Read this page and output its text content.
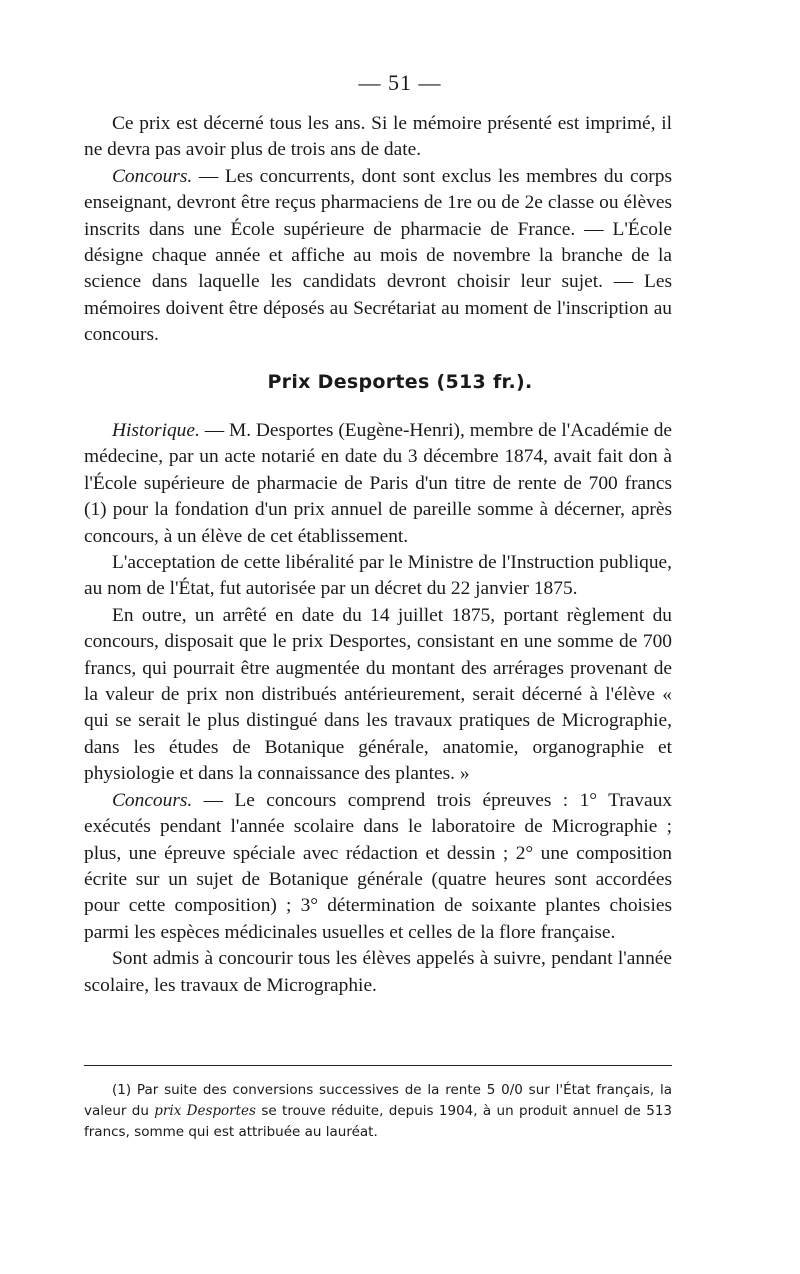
— 51 —

Ce prix est décerné tous les ans. Si le mémoire présenté est imprimé, il ne devra pas avoir plus de trois ans de date.

Concours. — Les concurrents, dont sont exclus les membres du corps enseignant, devront être reçus pharmaciens de 1re ou de 2e classe ou élèves inscrits dans une École supérieure de pharmacie de France. — L'École désigne chaque année et affiche au mois de novembre la branche de la science dans laquelle les candidats devront choisir leur sujet. — Les mémoires doivent être déposés au Secrétariat au moment de l'inscription au concours.

Prix Desportes (513 fr.).

Historique. — M. Desportes (Eugène-Henri), membre de l'Académie de médecine, par un acte notarié en date du 3 décembre 1874, avait fait don à l'École supérieure de pharmacie de Paris d'un titre de rente de 700 francs (1) pour la fondation d'un prix annuel de pareille somme à décerner, après concours, à un élève de cet établissement.

L'acceptation de cette libéralité par le Ministre de l'Instruction publique, au nom de l'État, fut autorisée par un décret du 22 janvier 1875.

En outre, un arrêté en date du 14 juillet 1875, portant règlement du concours, disposait que le prix Desportes, consistant en une somme de 700 francs, qui pourrait être augmentée du montant des arrérages provenant de la valeur de prix non distribués antérieurement, serait décerné à l'élève « qui se serait le plus distingué dans les travaux pratiques de Micrographie, dans les études de Botanique générale, anatomie, organographie et physiologie et dans la connaissance des plantes. »

Concours. — Le concours comprend trois épreuves : 1° Travaux exécutés pendant l'année scolaire dans le laboratoire de Micrographie ; plus, une épreuve spéciale avec rédaction et dessin ; 2° une composition écrite sur un sujet de Botanique générale (quatre heures sont accordées pour cette composition) ; 3° détermination de soixante plantes choisies parmi les espèces médicinales usuelles et celles de la flore française.

Sont admis à concourir tous les élèves appelés à suivre, pendant l'année scolaire, les travaux de Micrographie.

(1) Par suite des conversions successives de la rente 5 0/0 sur l'État français, la valeur du prix Desportes se trouve réduite, depuis 1904, à un produit annuel de 513 francs, somme qui est attribuée au lauréat.
